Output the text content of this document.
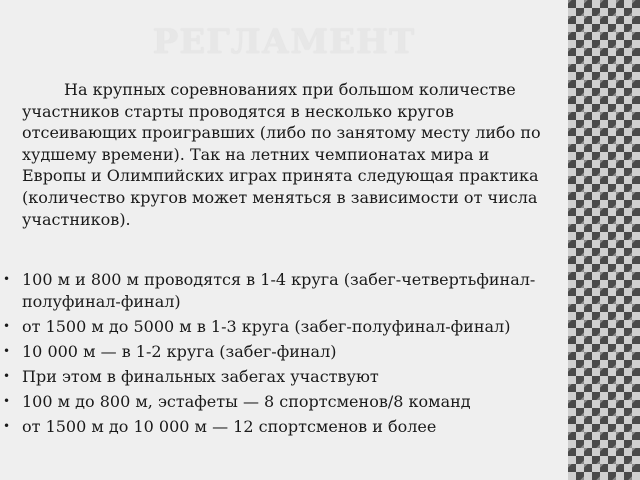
РЕГЛАМЕНТ

На крупных соревнованиях при большом количестве участников старты проводятся в несколько кругов отсеивающих проигравших (либо по занятому месту либо по худшему времени). Так на летних чемпионатах мира и Европы и Олимпийских играх принята следующая практика (количество кругов может меняться в зависимости от числа участников).

• 100 м и 800 м проводятся в 1-4 круга (забег-четвертьфинал-полуфинал-финал)
• от 1500 м до 5000 м в 1-3 круга (забег-полуфинал-финал)
• 10 000 м — в 1-2 круга (забег-финал)
• При этом в финальных забегах участвуют
• 100 м до 800 м, эстафеты — 8 спортсменов/8 команд
• от 1500 м до 10 000 м — 12 спортсменов и более
